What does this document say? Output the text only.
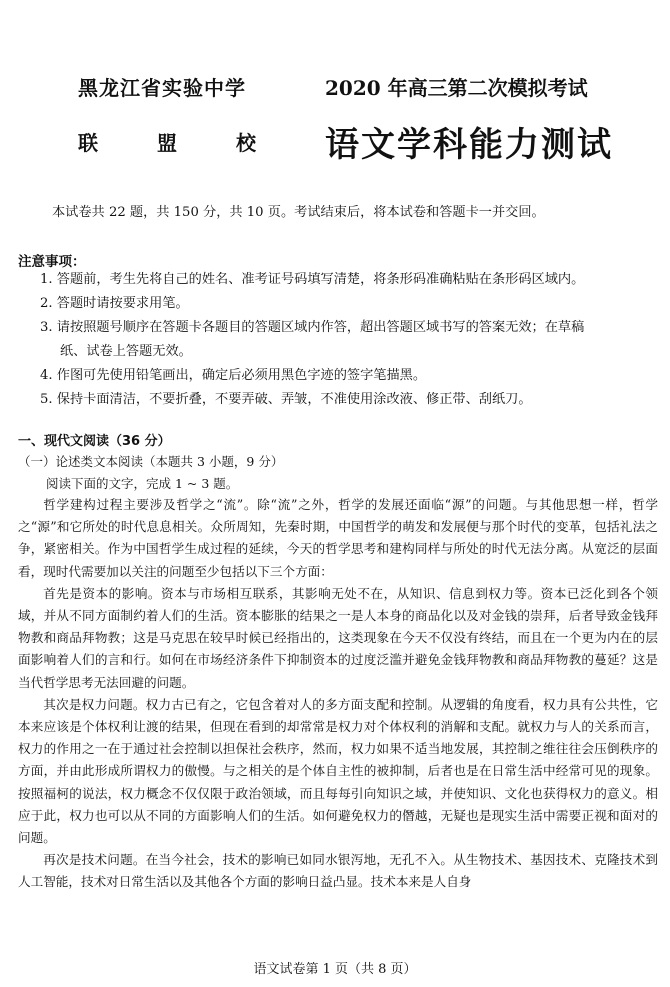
黑龙江省实验中学
联	盟	校
2020 年高三第二次模拟考试
语文学科能力测试
本试卷共 22 题，共 150 分，共 10 页。考试结束后，将本试卷和答题卡一并交回。
注意事项：
1. 答题前，考生先将自己的姓名、准考证号码填写清楚，将条形码准确粘贴在条形码区域内。
2. 答题时请按要求用笔。
3. 请按照题号顺序在答题卡各题目的答题区域内作答，超出答题区域书写的答案无效；在草稿
纸、试卷上答题无效。
4. 作图可先使用铅笔画出，确定后必须用黑色字迹的签字笔描黑。
5. 保持卡面清洁，不要折叠，不要弄破、弄皱，不准使用涂改液、修正带、刮纸刀。
一、现代文阅读（36 分）
（一）论述类文本阅读（本题共 3 小题，9 分）
阅读下面的文字，完成 1 ~ 3 题。

哲学建构过程主要涉及哲学之“流”。除“流”之外，哲学的发展还面临“源”的问题。与其他思想一样，哲学之“源”和它所处的时代息息相关。众所周知，先秦时期，中国哲学的萌发和发展便与那个时代的变革，包括礼法之争，紧密相关。作为中国哲学生成过程的延续，今天的哲学思考和建构同样与所处的时代无法分离。从宽泛的层面看，现时代需要加以关注的问题至少包括以下三个方面：

首先是资本的影响。资本与市场相互联系，其影响无处不在，从知识、信息到权力等。资本已泛化到各个领域，并从不同方面制约着人们的生活。资本膨胀的结果之一是人本身的商品化以及对金钱的崇拜，后者导致金钱拜物教和商品拜物教；这是马克思在较早时候已经指出的，这类现象在今天不仅没有终结，而且在一个更为内在的层面影响着人们的言和行。如何在市场经济条件下抑制资本的过度泛滥并避免金钱拜物教和商品拜物教的蔓延？这是当代哲学思考无法回避的问题。

其次是权力问题。权力古已有之，它包含着对人的多方面支配和控制。从逻辑的角度看，权力具有公共性，它本来应该是个体权利让渡的结果，但现在看到的却常常是权力对个体权利的消解和支配。就权力与人的关系而言，权力的作用之一在于通过社会控制以担保社会秩序，然而，权力如果不适当地发展，其控制之维往往会压倒秩序的方面，并由此形成所谓权力的傲慢。与之相关的是个体自主性的被抑制，后者也是在日常生活中经常可见的现象。按照福柯的说法，权力概念不仅仅限于政治领域，而且每每引向知识之域，并使知识、文化也获得权力的意义。相应于此，权力也可以从不同的方面影响人们的生活。如何避免权力的僭越，无疑也是现实生活中需要正视和面对的问题。

再次是技术问题。在当今社会，技术的影响已如同水银泻地，无孔不入。从生物技术、基因技术、克隆技术到人工智能，技术对日常生活以及其他各个方面的影响日益凸显。技术本来是人自身

语文试卷第 1 页（共 8 页）
